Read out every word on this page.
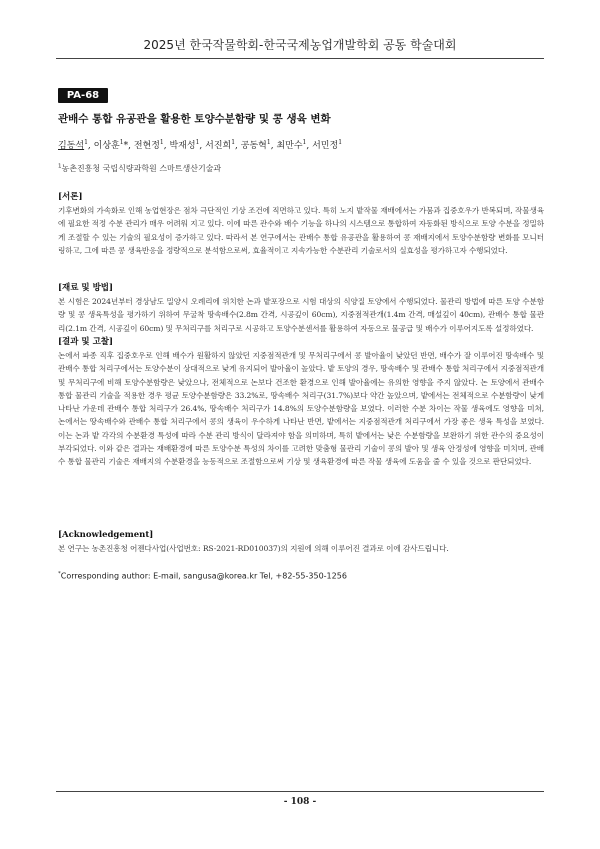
2025년 한국작물학회-한국국제농업개발학회 공동 학술대회
PA-68
관배수 통합 유공관을 활용한 토양수분함량 및 콩 생육 변화
김동석$^1$, 이상훈$^1$*, 전현정$^1$, 박재성$^1$, 서진희$^1$, 공동혁$^1$, 최만수$^1$, 서민정$^1$
$^1$농촌진흥청 국립식량과학원 스마트생산기술과
[서론]
기후변화의 가속화로 인해 농업현장은 점차 극단적인 기상 조건에 직면하고 있다. 특히 노지 밭작물 재배에서는 가뭄과 집중호우가 반복되며, 작물생육에 필요한 적정 수분 관리가 매우 어려워 지고 있다. 이에 따른 관수와 배수 기능을 하나의 시스템으로 통합하여 자동화된 방식으로 토양 수분을 정밀하게 조절할 수 있는 기술의 필요성이 증가하고 있다. 따라서 본 연구에서는 관배수 통합 유공관을 활용하여 콩 재배지에서 토양수분함량 변화를 모니터링하고, 그에 따른 콩 생육반응을 정량적으로 분석함으로써, 효율적이고 지속가능한 수분관리 기술로서의 실효성을 평가하고자 수행되었다.
[재료 및 방법]
본 시험은 2024년부터 경상남도 밀양시 오례리에 위치한 논과 밭포장으로 시험 대상의 식양질 토양에서 수행되었다. 물관리 방법에 따른 토양 수분함량 및 콩 생육특성을 평가하기 위하여 무굴착 땅속배수(2.8m 간격, 시공깊이 60cm), 지중점적관개(1.4m 간격, 매설깊이 40cm), 관배수 통합 물관리(2.1m 간격, 시공깊이 60cm) 및 무처리구를 처리구로 시공하고 토양수분센서를 활용하여 자동으로 물공급 및 배수가 이루어지도록 설정하였다.
[결과 및 고찰]
논에서 파종 직후 집중호우로 인해 배수가 원활하지 않았던 지중점적관개 및 무처리구에서 콩 발아율이 낮았던 반면, 배수가 잘 이루어진 땅속배수 및 관배수 통합 처리구에서는 토양수분이 상대적으로 낮게 유지되어 발아율이 높았다. 밭 토양의 경우, 땅속배수 및 관배수 통합 처리구에서 지중점적관개 및 무처리구에 비해 토양수분함량은 낮았으나, 전체적으로 논보다 건조한 환경으로 인해 발아율에는 유의한 영향을 주지 않았다. 논 토양에서 관배수 통합 물관리 기술을 적용한 경우 평균 토양수분함량은 33.2%로, 땅속배수 처리구(31.7%)보다 약간 높았으며, 밭에서는 전체적으로 수분함량이 낮게 나타난 가운데 관배수 통합 처리구가 26.4%, 땅속배수 처리구가 14.8%의 토양수분함량을 보였다. 이러한 수분 차이는 작물 생육에도 영향을 미쳐, 논에서는 땅속배수와 관배수 통합 처리구에서 콩의 생육이 우수하게 나타난 반면, 밭에서는 지중점적관개 처리구에서 가장 좋은 생육 특성을 보였다. 이는 논과 밭 각각의 수분환경 특성에 따라 수분 관리 방식이 달라져야 함을 의미하며, 특히 밭에서는 낮은 수분함량을 보완하기 위한 관수의 중요성이 부각되었다. 이와 같은 결과는 재배환경에 따른 토양수분 특성의 차이를 고려한 맞춤형 물관리 기술이 콩의 발아 및 생육 안정성에 영향을 미치며, 관배수 통합 물관리 기술은 재배지의 수분환경을 능동적으로 조절함으로써 기상 및 생육환경에 따른 작물 생육에 도움을 줄 수 있을 것으로 판단되었다.
[Acknowledgement]
본 연구는 농촌진흥청 어젠다사업(사업번호: RS-2021-RD010037)의 지원에 의해 이루어진 결과로 이에 감사드립니다.
*Corresponding author: E-mail, sangusa@korea.kr Tel, +82-55-350-1256
- 108 -
